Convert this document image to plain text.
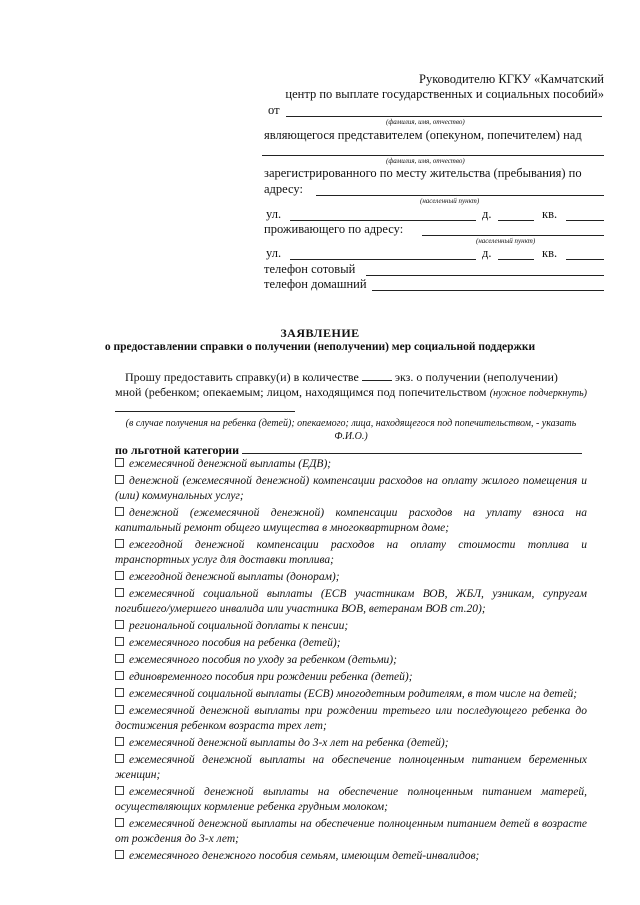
Руководителю КГКУ «Камчатский
центр по выплате государственных и социальных пособий»
от
(фамилия, имя, отчество)
являющегося представителем (опекуном, попечителем) над
(фамилия, имя, отчество)
зарегистрированного по месту жительства (пребывания) по
адресу:
(населенный пункт)
ул.	д.	кв.
проживающего по адресу:
(населенный пункт)
ул.	д.	кв.
телефон сотовый
телефон домашний
ЗАЯВЛЕНИЕ
о предоставлении справки о получении (неполучении) мер социальной поддержки
Прошу предоставить справку(и) в количестве	экз. о получении (неполучении)
мной (ребенком; опекаемым; лицом, находящимся под попечительством (нужное подчеркнуть)
(в случае получения на ребенка (детей); опекаемого; лица, находящегося под попечительством, - указать Ф.И.О.)
по льготной категории
ежемесячной денежной выплаты (ЕДВ);
денежной (ежемесячной денежной) компенсации расходов на оплату жилого помещения и (или) коммунальных услуг;
денежной (ежемесячной денежной) компенсации расходов на уплату взноса на капитальный ремонт общего имущества в многоквартирном доме;
ежегодной денежной компенсации расходов на оплату стоимости топлива и транспортных услуг для доставки топлива;
ежегодной денежной выплаты (донорам);
ежемесячной социальной выплаты (ЕСВ участникам ВОВ, ЖБЛ, узникам, супругам погибшего/умершего инвалида или участника ВОВ, ветеранам ВОВ ст.20);
региональной социальной доплаты к пенсии;
ежемесячного пособия на ребенка (детей);
ежемесячного пособия по уходу за ребенком (детьми);
единовременного пособия при рождении ребенка (детей);
ежемесячной социальной выплаты (ЕСВ) многодетным родителям, в том числе на детей;
ежемесячной денежной выплаты при рождении третьего или последующего ребенка до достижения ребенком возраста трех лет;
ежемесячной денежной выплаты до 3-х лет на ребенка (детей);
ежемесячной денежной выплаты на обеспечение полноценным питанием беременных женщин;
ежемесячной денежной выплаты на обеспечение полноценным питанием матерей, осуществляющих кормление ребенка грудным молоком;
ежемесячной денежной выплаты на обеспечение полноценным питанием детей в возрасте от рождения до 3-х лет;
ежемесячного денежного пособия семьям, имеющим детей-инвалидов;
